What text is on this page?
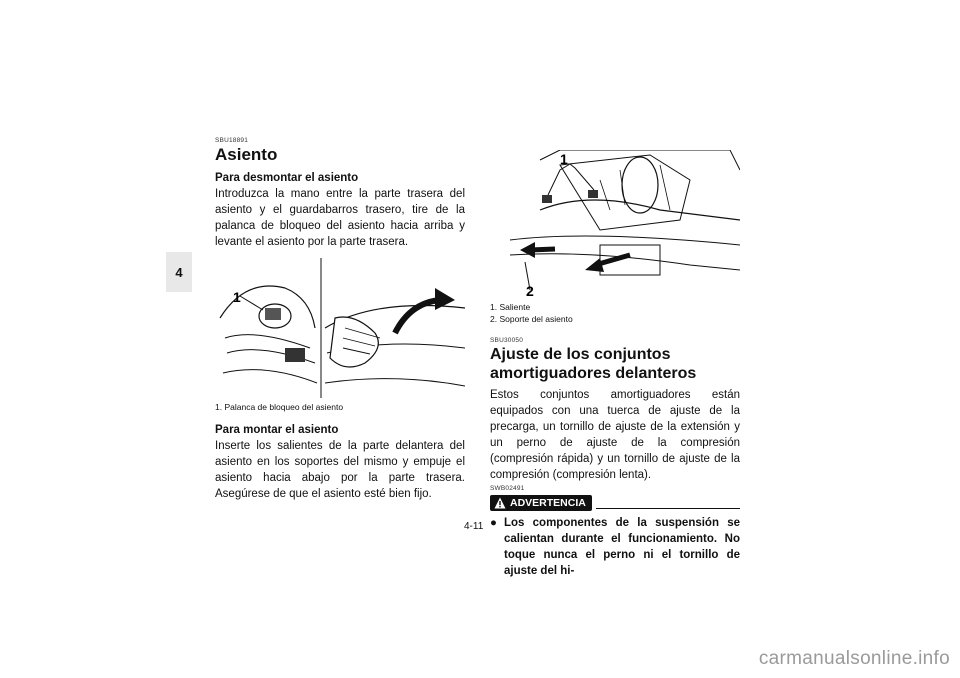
4
SBU18891
Asiento
Para desmontar el asiento
Introduzca la mano entre la parte trasera del asiento y el guardabarros trasero, tire de la palanca de bloqueo del asiento hacia arriba y levante el asiento por la parte trasera.
1
1. Palanca de bloqueo del asiento
Para montar el asiento
Inserte los salientes de la parte delantera del asiento en los soportes del mismo y empuje el asiento hacia abajo por la parte trasera. Asegúrese de que el asiento esté bien fijo.
1
2
1. Saliente
2. Soporte del asiento
SBU30050
Ajuste de los conjuntos amortiguadores delanteros
Estos conjuntos amortiguadores están equipados con una tuerca de ajuste de la precarga, un tornillo de ajuste de la extensión y un perno de ajuste de la compresión (compresión rápida) y un tornillo de ajuste de la compresión (compresión lenta).
SWB02491
ADVERTENCIA
● Los componentes de la suspensión se calientan durante el funcionamiento. No toque nunca el perno ni el tornillo de ajuste del hi-
4-11
carmanualsonline.info
